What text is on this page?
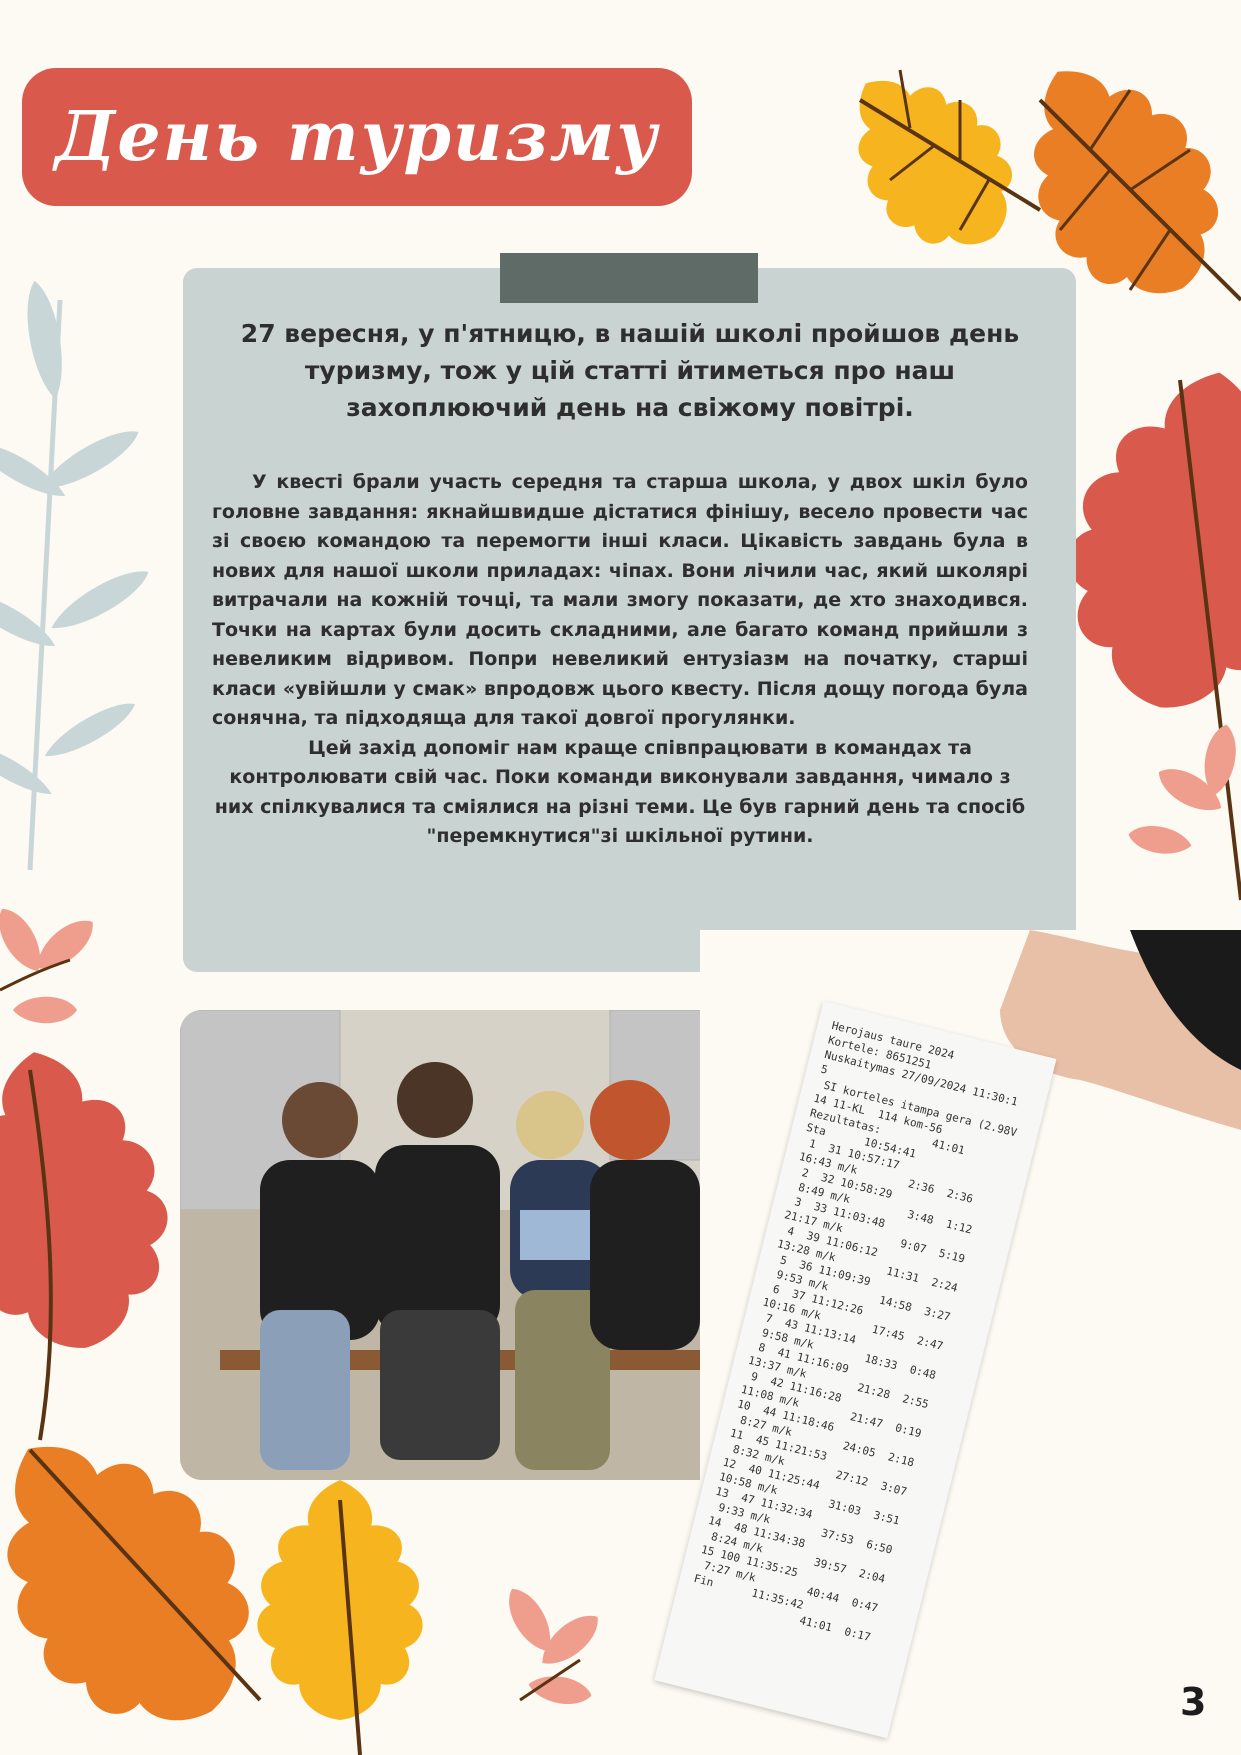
День туризму
27 вересня, у п'ятницю, в нашій школі пройшов день туризму, тож у цій статті йтиметься про наш захоплюючий день на свіжому повітрі.

У квесті брали участь середня та старша школа, у двох шкіл було головне завдання: якнайшвидше дістатися фінішу, весело провести час зі своєю командою та перемогти інші класи. Цікавість завдань була в нових для нашої школи приладах: чіпах. Вони лічили час, який школярі витрачали на кожній точці, та мали змогу показати, де хто знаходився. Точки на картах були досить складними, але багато команд прийшли з невеликим відривом. Попри невеликий ентузіазм на початку, старші класи «увійшли у смак» впродовж цього квесту. Після дощу погода була сонячна, та підходяща для такої довгої прогулянки.

Цей захід допоміг нам краще співпрацювати в командах та контролювати свій час. Поки команди виконували завдання, чимало з них спілкувалися та сміялися на різні теми. Це був гарний день та спосіб "перемкнутися"зі шкільної рутини.

Herojaus taure 2024
Kortele: 8651251
Nuskaitymas 27/09/2024 11:30:1
5
SI korteles itampa gera (2.98V
14 11-KL  114 kom-56
Rezultatas:        41:01
Sta      10:54:41
1  31 10:57:17
16:43 m/k        2:36  2:36
2  32 10:58:29
8:49 m/k         3:48  1:12
3  33 11:03:48
21:17 m/k         9:07  5:19
4  39 11:06:12
13:28 m/k        11:31  2:24
5  36 11:09:39
9:53 m/k        14:58  3:27
6  37 11:12:26
10:16 m/k        17:45  2:47
7  43 11:13:14
9:58 m/k        18:33  0:48
8  41 11:16:09
13:37 m/k        21:28  2:55
9  42 11:16:28
11:08 m/k        21:47  0:19
10  44 11:18:46
8:27 m/k        24:05  2:18
11  45 11:21:53
8:32 m/k        27:12  3:07
12  40 11:25:44
10:58 m/k        31:03  3:51
13  47 11:32:34
9:33 m/k        37:53  6:50
14  48 11:34:38
8:24 m/k        39:57  2:04
15 100 11:35:25
7:27 m/k        40:44  0:47
Fin      11:35:42
41:01  0:17
3
